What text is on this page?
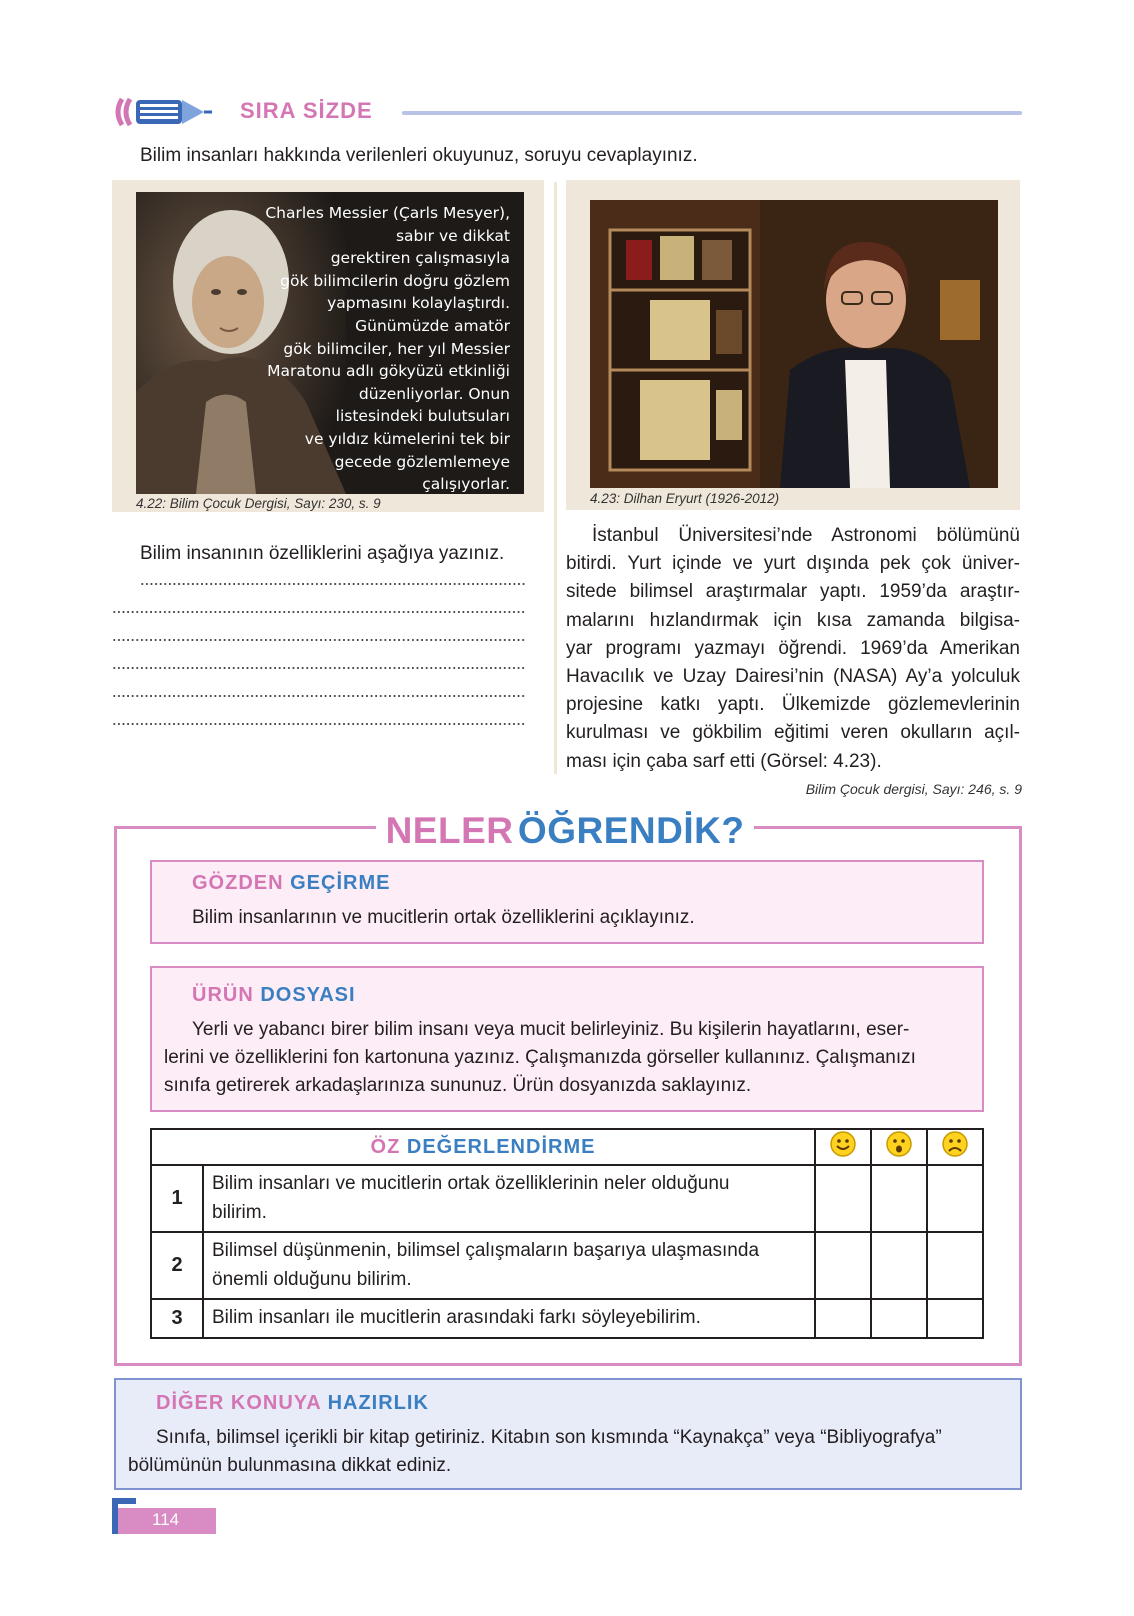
SIRA SİZDE
Bilim insanları hakkında verilenleri okuyunuz, soruyu cevaplayınız.
Charles Messier (Çarls Mesyer),
sabır ve dikkat
gerektiren çalışmasıyla
gök bilimcilerin doğru gözlem
yapmasını kolaylaştırdı.
Günümüzde amatör
gök bilimciler, her yıl Messier
Maratonu adlı gökyüzü etkinliği
düzenliyorlar. Onun
listesindeki bulutsuları
ve yıldız kümelerini tek bir
gecede gözlemlemeye
çalışıyorlar.
4.22: Bilim Çocuk Dergisi, Sayı: 230, s. 9	4.23: Dilhan Eryurt (1926-2012)
Bilim insanının özelliklerini aşağıya yazınız.
İstanbul Üniversitesi’nde Astronomi bölümünü
bitirdi. Yurt içinde ve yurt dışında pek çok üniver-
sitede bilimsel araştırmalar yaptı. 1959’da araştır-
malarını hızlandırmak için kısa zamanda bilgisa-
yar programı yazmayı öğrendi. 1969’da Amerikan
Havacılık ve Uzay Dairesi’nin (NASA) Ay’a yolculuk
projesine katkı yaptı. Ülkemizde gözlemevlerinin
kurulması ve gökbilim eğitimi veren okulların açıl-
ması için çaba sarf etti (Görsel: 4.23).
Bilim Çocuk dergisi, Sayı: 246, s. 9
NELER ÖĞRENDİK?
GÖZDEN GEÇİRME
Bilim insanlarının ve mucitlerin ortak özelliklerini açıklayınız.
ÜRÜN DOSYASI
Yerli ve yabancı birer bilim insanı veya mucit belirleyiniz. Bu kişilerin hayatlarını, eser-
lerini ve özelliklerini fon kartonuna yazınız. Çalışmanızda görseller kullanınız. Çalışmanızı
sınıfa getirerek arkadaşlarınıza sununuz. Ürün dosyanızda saklayınız.
ÖZ DEĞERLENDİRME			
1	Bilim insanları ve mucitlerin ortak özelliklerinin neler olduğunu
bilirim.			

2	Bilimsel düşünmenin, bilimsel çalışmaların başarıya ulaşmasında
önemli olduğunu bilirim.			

3	Bilim insanları ile mucitlerin arasındaki farkı söyleyebilirim.			

DİĞER KONUYA HAZIRLIK
Sınıfa, bilimsel içerikli bir kitap getiriniz. Kitabın son kısmında “Kaynakça” veya “Bibliyografya”
bölümünün bulunmasına dikkat ediniz.
114
